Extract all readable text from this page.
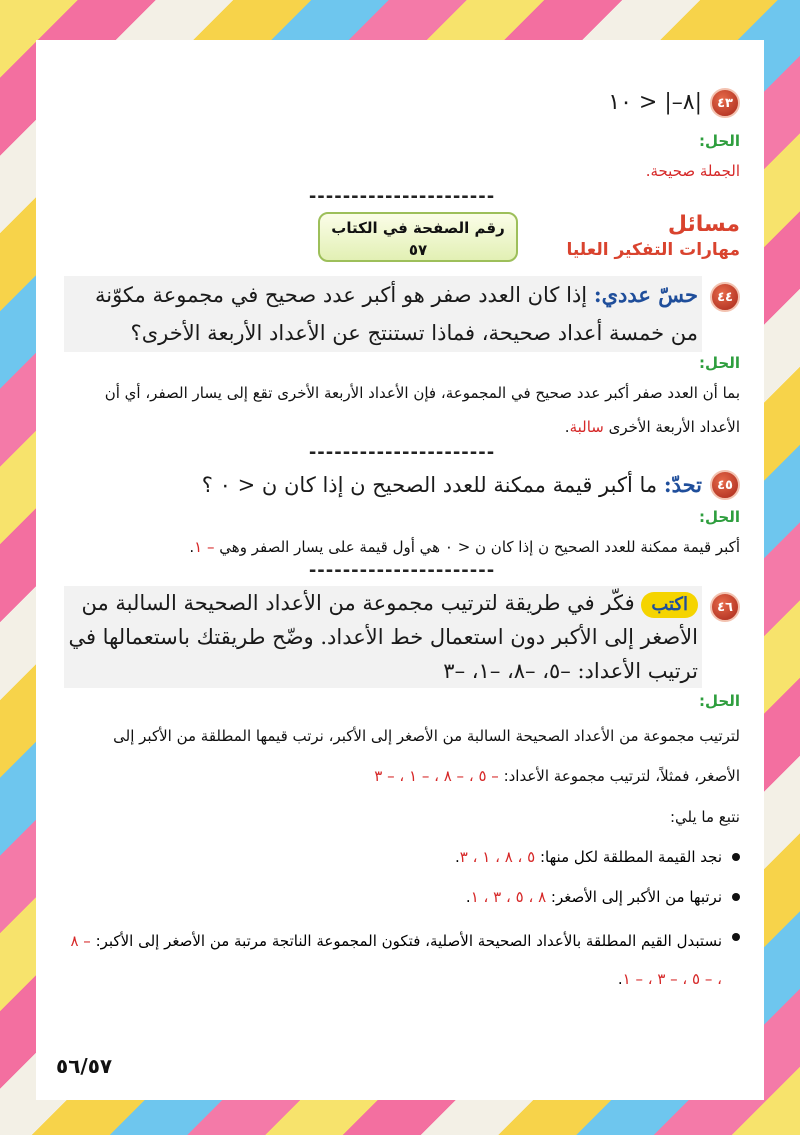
٤٣
|٨–| < ١٠
الحل:
الجملة صحيحة.
----------------------
مسائل
مهارات التفكير العليا
رقم الصفحة في الكتاب
٥٧
٤٤
حسّ عددي: إذا كان العدد صفر هو أكبر عدد صحيح في مجموعة مكوّنة من خمسة أعداد صحيحة، فماذا تستنتج عن الأعداد الأربعة الأخرى؟
الحل:
بما أن العدد صفر أكبر عدد صحيح في المجموعة، فإن الأعداد الأربعة الأخرى تقع إلى يسار الصفر، أي أن الأعداد الأربعة الأخرى سالبة.
----------------------
٤٥
تحدّ: ما أكبر قيمة ممكنة للعدد الصحيح ن إذا كان ن < ٠ ؟
الحل:
أكبر قيمة ممكنة للعدد الصحيح ن إذا كان ن < ٠ هي أول قيمة على يسار الصفر وهي – ١.
----------------------
٤٦
اكتب فكّر في طريقة لترتيب مجموعة من الأعداد الصحيحة السالبة من الأصغر إلى الأكبر دون استعمال خط الأعداد. وضّح طريقتك باستعمالها في ترتيب الأعداد: –٥، –٨، –١، –٣
الحل:
لترتيب مجموعة من الأعداد الصحيحة السالبة من الأصغر إلى الأكبر، نرتب قيمها المطلقة من الأكبر إلى الأصغر، فمثلاً، لترتيب مجموعة الأعداد: – ٥ ، – ٨ ، – ١ ، – ٣
نتبع ما يلي:
نجد القيمة المطلقة لكل منها: ٥ ، ٨ ، ١ ، ٣.
نرتبها من الأكبر إلى الأصغر: ٨ ، ٥ ، ٣ ، ١.
نستبدل القيم المطلقة بالأعداد الصحيحة الأصلية، فتكون المجموعة الناتجة مرتبة من الأصغر إلى الأكبر: – ٨ ، – ٥ ، – ٣ ، – ١.
٥٦/٥٧
